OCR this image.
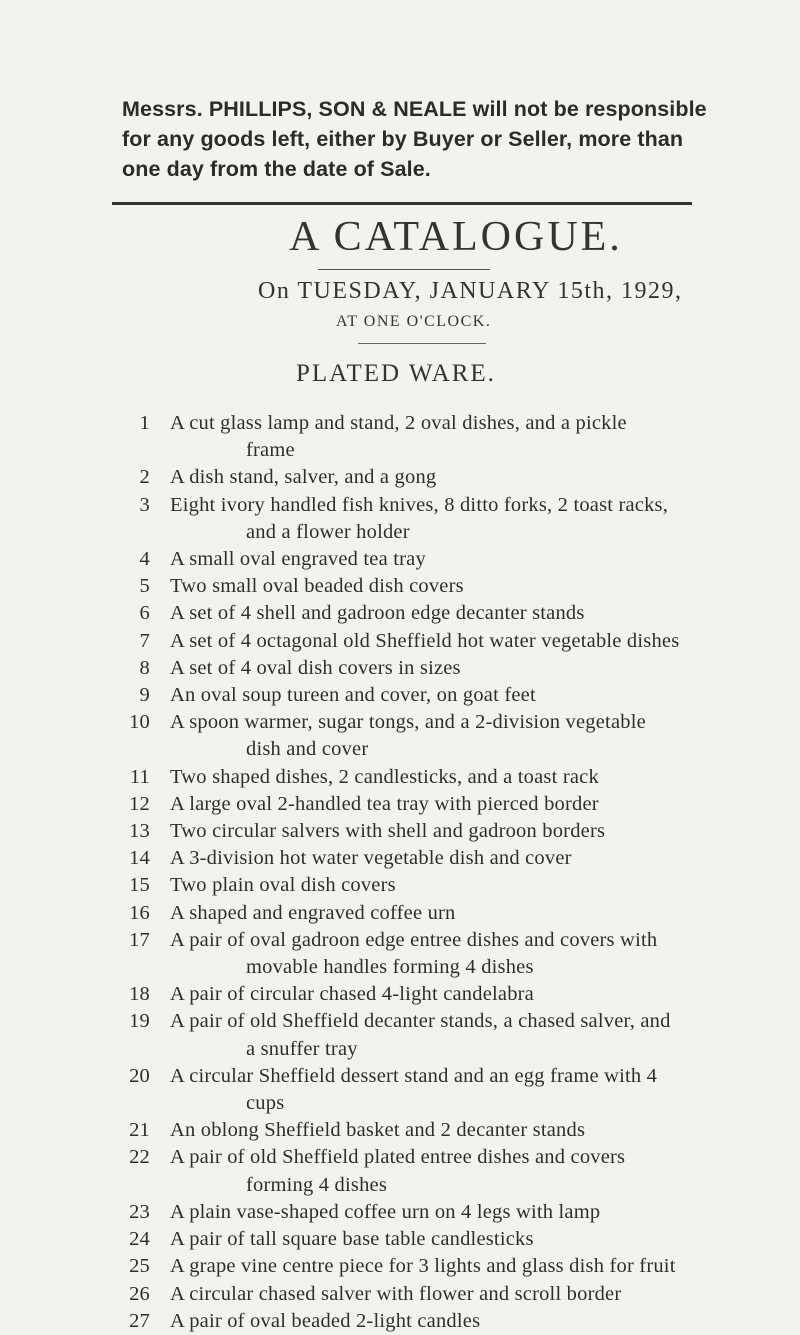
Messrs. PHILLIPS, SON & NEALE will not be responsible for any goods left, either by Buyer or Seller, more than one day from the date of Sale.
A CATALOGUE.
On TUESDAY, JANUARY 15th, 1929,
AT ONE O'CLOCK.
PLATED WARE.
1 A cut glass lamp and stand, 2 oval dishes, and a pickle
frame
2 A dish stand, salver, and a gong
3 Eight ivory handled fish knives, 8 ditto forks, 2 toast racks,
and a flower holder
4 A small oval engraved tea tray
5 Two small oval beaded dish covers
6 A set of 4 shell and gadroon edge decanter stands
7 A set of 4 octagonal old Sheffield hot water vegetable dishes
8 A set of 4 oval dish covers in sizes
9 An oval soup tureen and cover, on goat feet
10 A spoon warmer, sugar tongs, and a 2-division vegetable
dish and cover
11 Two shaped dishes, 2 candlesticks, and a toast rack
12 A large oval 2-handled tea tray with pierced border
13 Two circular salvers with shell and gadroon borders
14 A 3-division hot water vegetable dish and cover
15 Two plain oval dish covers
16 A shaped and engraved coffee urn
17 A pair of oval gadroon edge entree dishes and covers with
movable handles forming 4 dishes
18 A pair of circular chased 4-light candelabra
19 A pair of old Sheffield decanter stands, a chased salver, and
a snuffer tray
20 A circular Sheffield dessert stand and an egg frame with 4
cups
21 An oblong Sheffield basket and 2 decanter stands
22 A pair of old Sheffield plated entree dishes and covers
forming 4 dishes
23 A plain vase-shaped coffee urn on 4 legs with lamp
24 A pair of tall square base table candlesticks
25 A grape vine centre piece for 3 lights and glass dish for fruit
26 A circular chased salver with flower and scroll border
27 A pair of oval beaded 2-light candles
